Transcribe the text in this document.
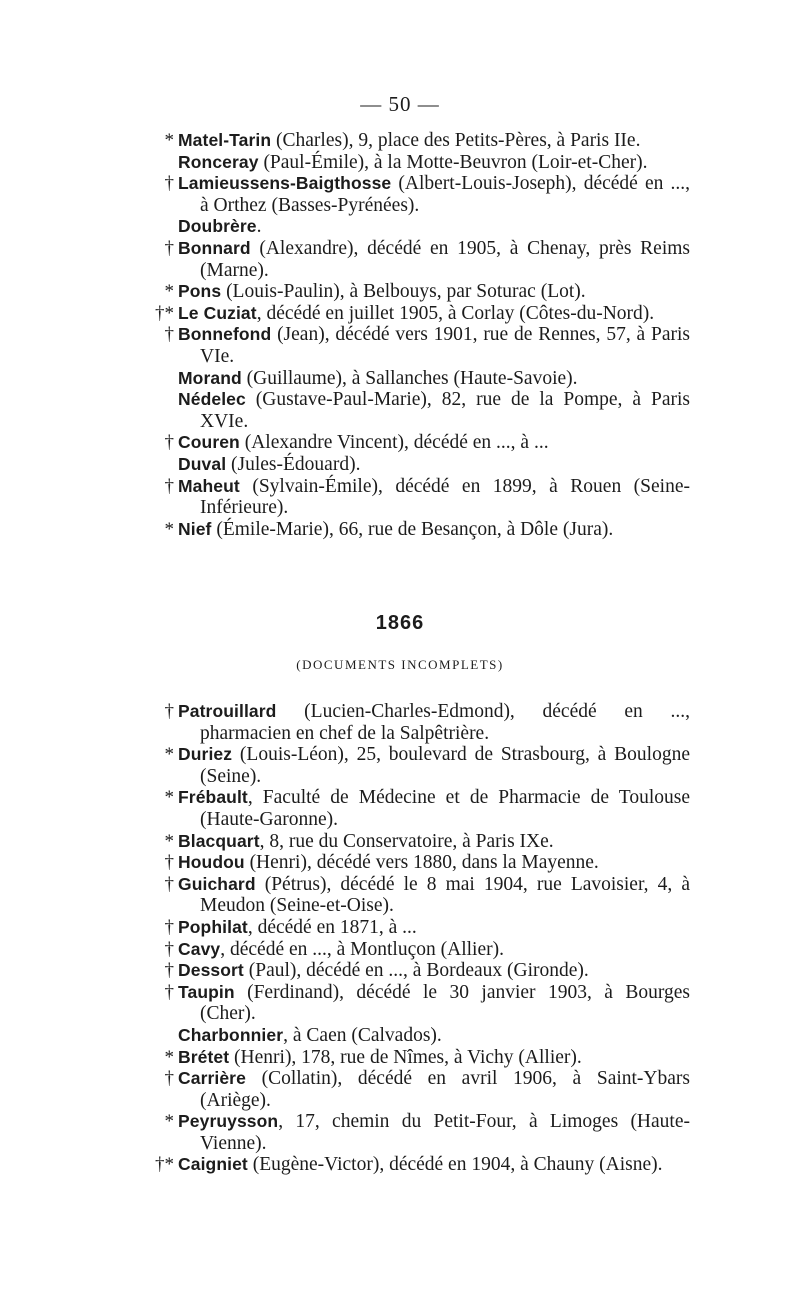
— 50 —
* Matel-Tarin (Charles), 9, place des Petits-Pères, à Paris IIe.
Ronceray (Paul-Émile), à la Motte-Beuvron (Loir-et-Cher).
† Lamieussens-Baigthosse (Albert-Louis-Joseph), décédé en ..., à Orthez (Basses-Pyrénées).
Doubrère.
† Bonnard (Alexandre), décédé en 1905, à Chenay, près Reims (Marne).
* Pons (Louis-Paulin), à Belbouys, par Soturac (Lot).
†* Le Cuziat, décédé en juillet 1905, à Corlay (Côtes-du-Nord).
† Bonnefond (Jean), décédé vers 1901, rue de Rennes, 57, à Paris VIe.
Morand (Guillaume), à Sallanches (Haute-Savoie).
Nédelec (Gustave-Paul-Marie), 82, rue de la Pompe, à Paris XVIe.
† Couren (Alexandre Vincent), décédé en ..., à ...
Duval (Jules-Édouard).
† Maheut (Sylvain-Émile), décédé en 1899, à Rouen (Seine-Inférieure).
* Nief (Émile-Marie), 66, rue de Besançon, à Dôle (Jura).
1866
(DOCUMENTS INCOMPLETS)
† Patrouillard (Lucien-Charles-Edmond), décédé en ..., pharmacien en chef de la Salpêtrière.
* Duriez (Louis-Léon), 25, boulevard de Strasbourg, à Boulogne (Seine).
* Frébault, Faculté de Médecine et de Pharmacie de Toulouse (Haute-Garonne).
* Blacquart, 8, rue du Conservatoire, à Paris IXe.
† Houdou (Henri), décédé vers 1880, dans la Mayenne.
† Guichard (Pétrus), décédé le 8 mai 1904, rue Lavoisier, 4, à Meudon (Seine-et-Oise).
† Pophilat, décédé en 1871, à ...
† Cavy, décédé en ..., à Montluçon (Allier).
† Dessort (Paul), décédé en ..., à Bordeaux (Gironde).
† Taupin (Ferdinand), décédé le 30 janvier 1903, à Bourges (Cher).
Charbonnier, à Caen (Calvados).
* Brétet (Henri), 178, rue de Nîmes, à Vichy (Allier).
† Carrière (Collatin), décédé en avril 1906, à Saint-Ybars (Ariège).
* Peyruysson, 17, chemin du Petit-Four, à Limoges (Haute-Vienne).
†* Caigniet (Eugène-Victor), décédé en 1904, à Chauny (Aisne).
